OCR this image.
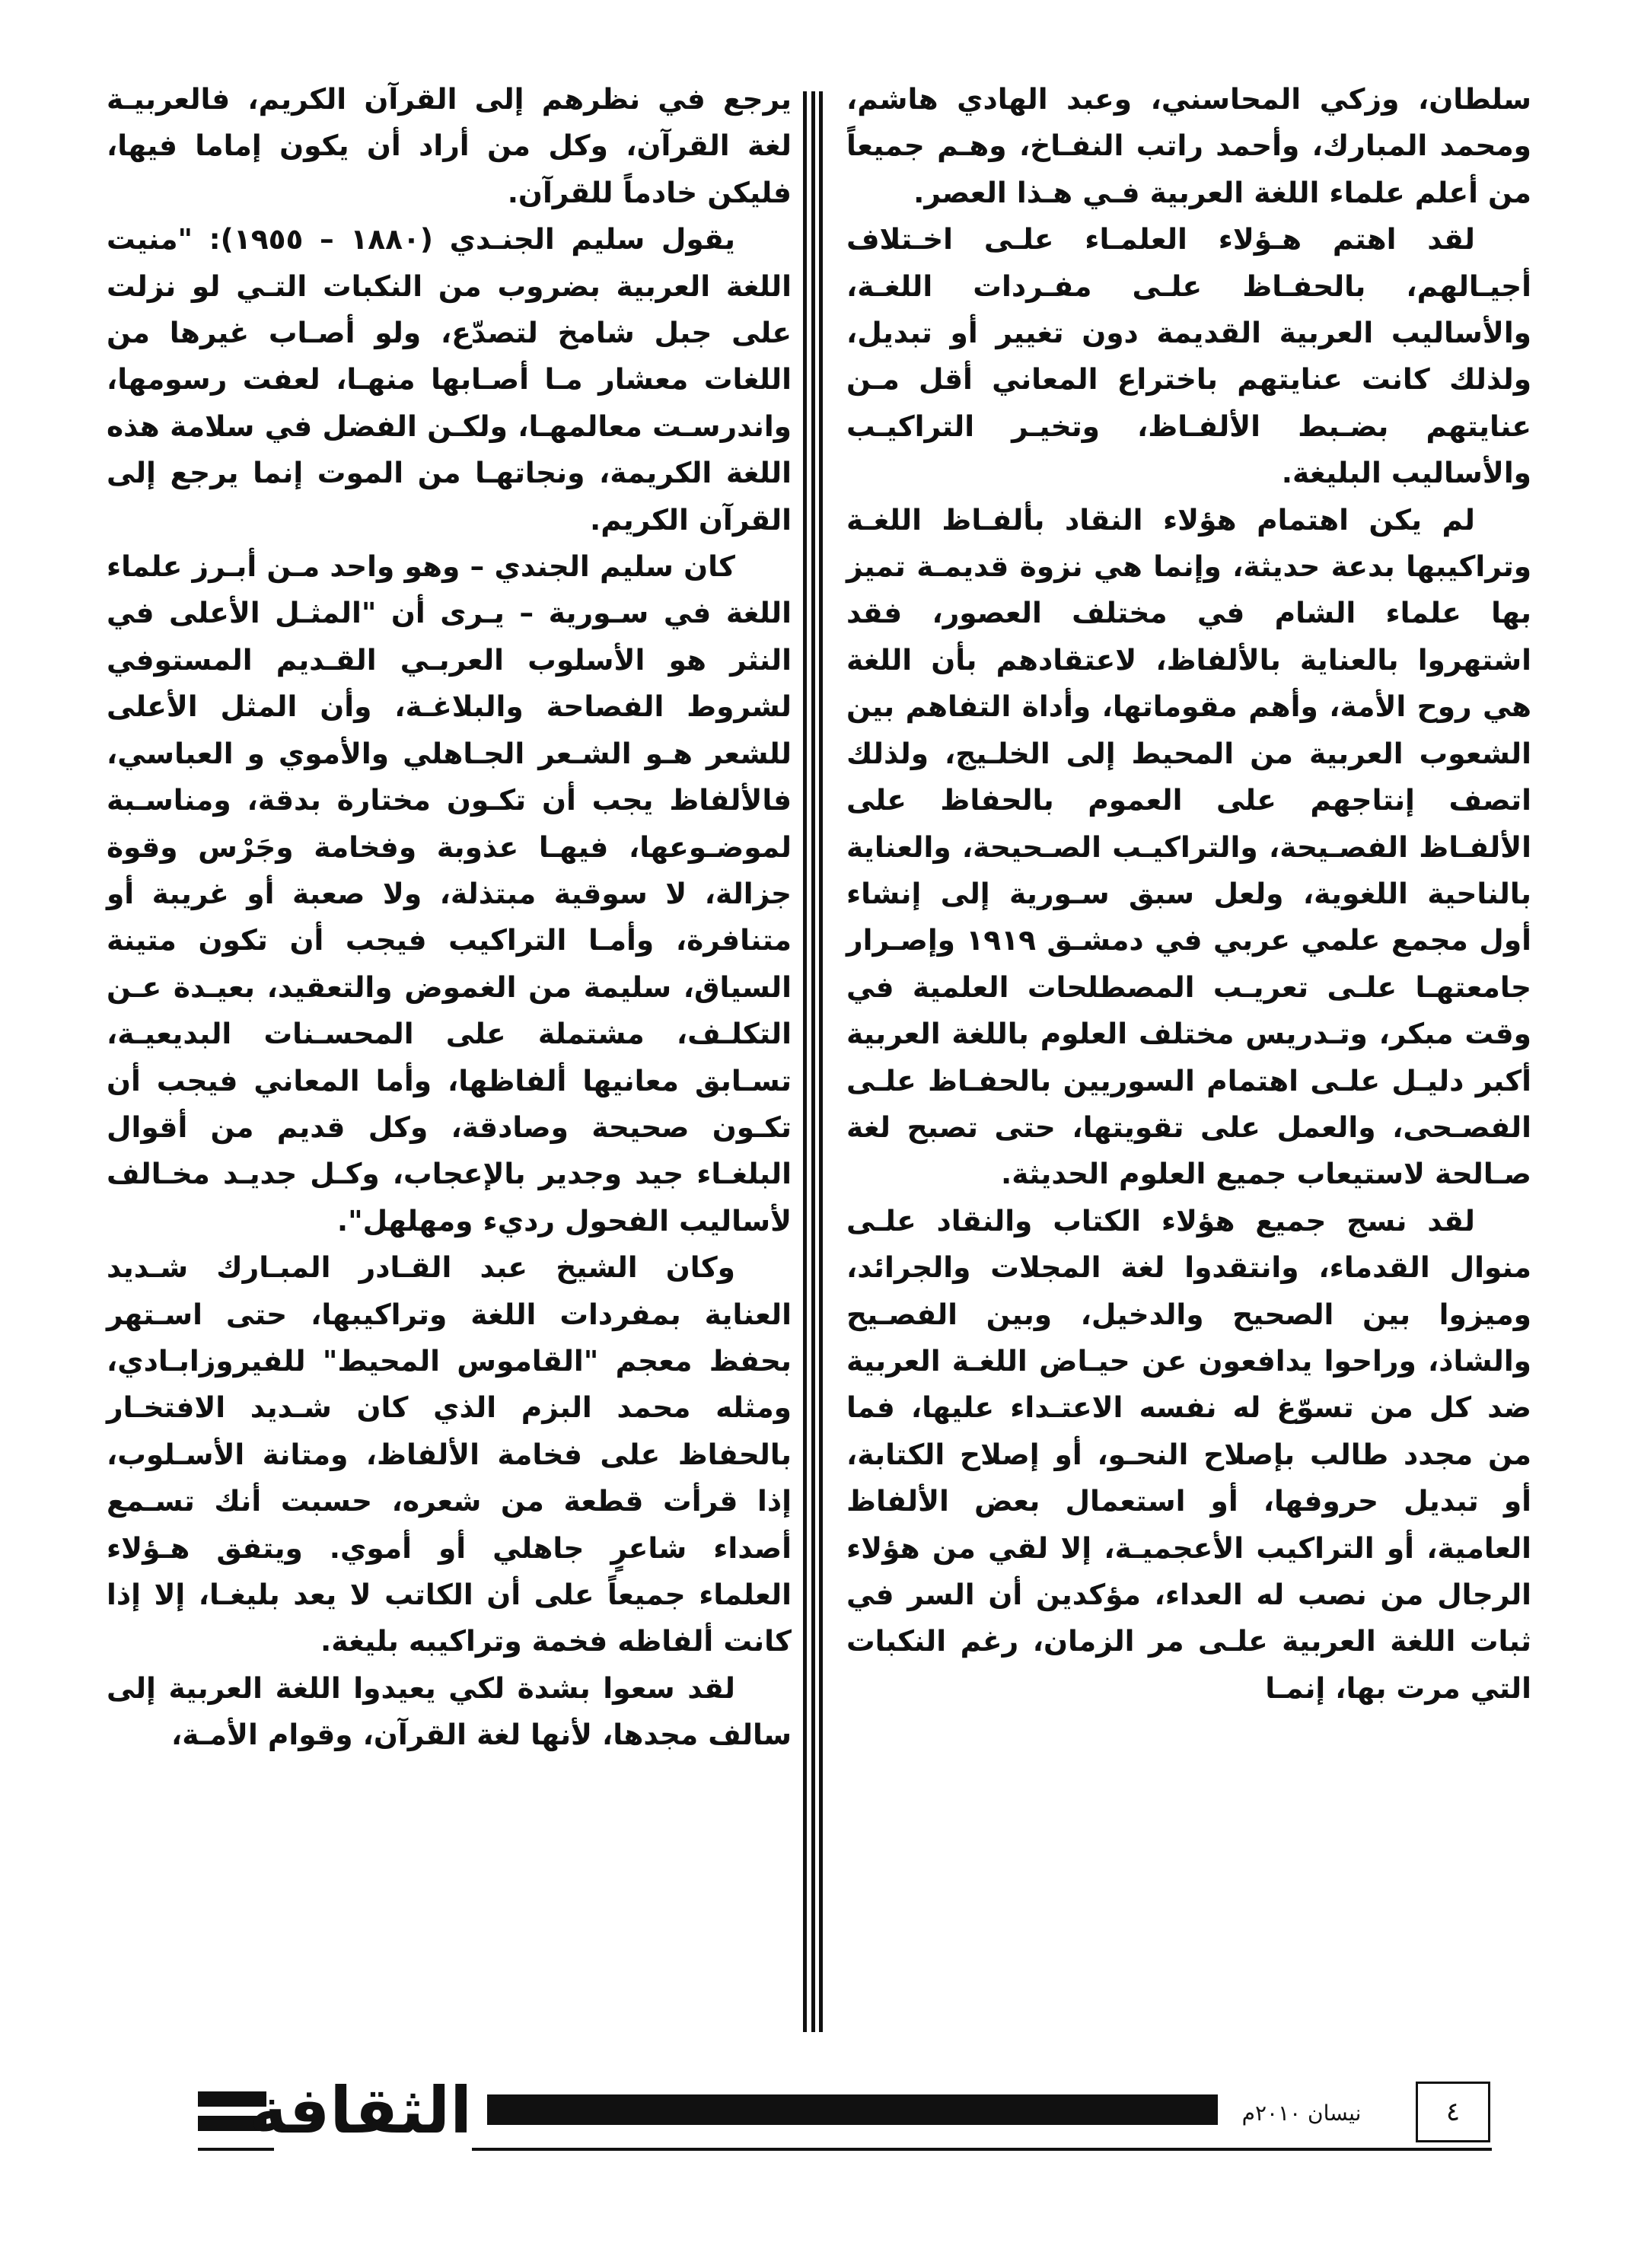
سلطان، وزكي المحاسني، وعبد الهادي هاشم، ومحمد المبارك، وأحمد راتب النفـاخ، وهـم جميعاً من أعلم علماء اللغة العربية فـي هـذا العصر.

لقد اهتم هـؤلاء العلمـاء علـى اخـتلاف أجيـالهم، بالحفـاظ علـى مفـردات اللغـة، والأساليب العربية القديمة دون تغيير أو تبديل، ولذلك كانت عنايتهم باختراع المعاني أقل مـن عنايتهم بضـبط الألفـاظ، وتخيـر التراكيـب والأساليب البليغة.

لم يكن اهتمام هؤلاء النقاد بألفـاظ اللغـة وتراكيبها بدعة حديثة، وإنما هي نزوة قديمـة تميز بها علماء الشام في مختلف العصور، فقد اشتهروا بالعناية بالألفاظ، لاعتقادهم بأن اللغة هي روح الأمة، وأهم مقوماتها، وأداة التفاهم بين الشعوب العربية من المحيط إلى الخلـيج، ولذلك اتصف إنتاجهم على العموم بالحفاظ على الألفـاظ الفصـيحة، والتراكيـب الصـحيحة، والعناية بالناحية اللغوية، ولعل سبق سـورية إلى إنشاء أول مجمع علمي عربي في دمشـق ١٩١٩ وإصـرار جامعتهـا علـى تعريـب المصطلحات العلمية في وقت مبكر، وتـدريس مختلف العلوم باللغة العربية أكبر دليـل علـى اهتمام السوريين بالحفـاظ علـى الفصـحى، والعمل على تقويتها، حتى تصبح لغة صـالحة لاستيعاب جميع العلوم الحديثة.

لقد نسج جميع هؤلاء الكتاب والنقاد علـى منوال القدماء، وانتقدوا لغة المجلات والجرائد، وميزوا بين الصحيح والدخيل، وبين الفصـيح والشاذ، وراحوا يدافعون عن حيـاض اللغـة العربية ضد كل من تسوّغ له نفسه الاعتـداء عليها، فما من مجدد طالب بإصلاح النحـو، أو إصلاح الكتابة، أو تبديل حروفها، أو استعمال بعض الألفاظ العامية، أو التراكيب الأعجميـة، إلا لقي من هؤلاء الرجال من نصب له العداء، مؤكدين أن السر في ثبات اللغة العربية علـى مر الزمان، رغم النكبات التي مرت بها، إنمـا

يرجع في نظرهم إلى القرآن الكريم، فالعربيـة لغة القرآن، وكل من أراد أن يكون إماما فيها، فليكن خادماً للقرآن.

يقول سليم الجنـدي (١٨٨٠ – ١٩٥٥): "منيت اللغة العربية بضروب من النكبات التـي لو نزلت على جبل شامخ لتصدّع، ولو أصـاب غيرها من اللغات معشار مـا أصـابها منهـا، لعفت رسومها، واندرسـت معالمهـا، ولكـن الفضل في سلامة هذه اللغة الكريمة، ونجاتهـا من الموت إنما يرجع إلى القرآن الكريم.

كان سليم الجندي – وهو واحد مـن أبـرز علماء اللغة في سـورية – يـرى أن "المثـل الأعلى في النثر هو الأسلوب العربـي القـديم المستوفي لشروط الفصاحة والبلاغـة، وأن المثل الأعلى للشعر هـو الشـعر الجـاهلي والأموي و العباسي، فالألفاظ يجب أن تكـون مختارة بدقة، ومناسـبة لموضـوعها، فيهـا عذوبة وفخامة وجَرْس وقوة جزالة، لا سوقية مبتذلة، ولا صعبة أو غريبة أو متنافرة، وأمـا التراكيب فيجب أن تكون متينة السياق، سليمة من الغموض والتعقيد، بعيـدة عـن التكلـف، مشتملة على المحسـنات البديعيـة، تسـابق معانيها ألفاظها، وأما المعاني فيجب أن تكـون صحيحة وصادقة، وكل قديم من أقوال البلغـاء جيد وجدير بالإعجاب، وكـل جديـد مخـالف لأساليب الفحول رديء ومهلهل".

وكان الشيخ عبد القـادر المبـارك شـديد العناية بمفردات اللغة وتراكيبها، حتى اسـتهر بحفظ معجم "القاموس المحيط" للفيروزابـادي، ومثله محمد البزم الذي كان شـديد الافتخـار بالحفاظ على فخامة الألفاظ، ومتانة الأسـلوب، إذا قرأت قطعة من شعره، حسبت أنك تسـمع أصداء شاعرٍ جاهلي أو أموي. ويتفق هـؤلاء العلماء جميعاً على أن الكاتب لا يعد بليغـا، إلا إذا كانت ألفاظه فخمة وتراكيبه بليغة.

لقد سعوا بشدة لكي يعيدوا اللغة العربية إلى سالف مجدها، لأنها لغة القرآن، وقوام الأمـة،

الثقافة	نيسان ٢٠١٠م	٤
